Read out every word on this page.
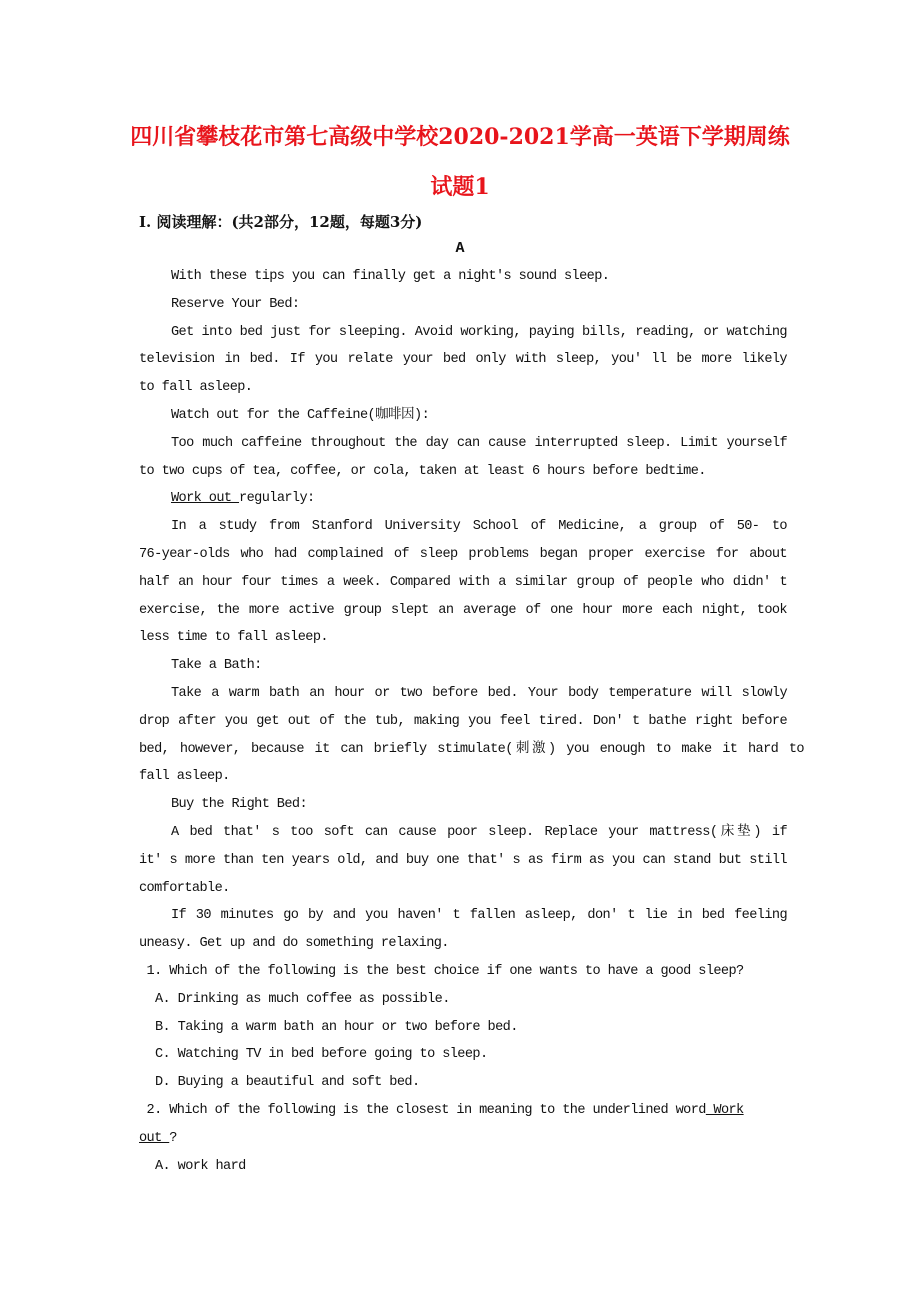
四川省攀枝花市第七高级中学校2020-2021学高一英语下学期周练
试题1
I. 阅读理解：(共2部分，12题，每题3分)
A
With these tips you can finally get a night's sound sleep.
Reserve Your Bed:
Get into bed just for sleeping. Avoid working, paying bills, reading, or watching
television in bed. If you relate your bed only with sleep, you' ll be more likely
to fall asleep.
Watch out for the Caffeine(咖啡因):
Too much caffeine throughout the day can cause interrupted sleep. Limit yourself
to two cups of tea, coffee, or cola, taken at least 6 hours before bedtime.
Work out regularly:
In a study from Stanford University School of Medicine, a group of 50- to
76-year-olds who had complained of sleep problems began proper exercise for about
half an hour four times a week. Compared with a similar group of people who didn' t
exercise, the more active group slept an average of one hour more each night, took
less time to fall asleep.
Take a Bath:
Take a warm bath an hour or two before bed. Your body temperature will slowly
drop after you get out of the tub, making you feel tired. Don' t bathe right before
bed, however, because it can briefly stimulate(刺激) you enough to make it hard to
fall asleep.
Buy the Right Bed:
A bed that' s too soft can cause poor sleep. Replace your mattress(床垫) if
it' s more than ten years old, and buy one that' s as firm as you can stand but still
comfortable.
If 30 minutes go by and you haven' t fallen asleep, don' t lie in bed feeling
uneasy. Get up and do something relaxing.
1. Which of the following is the best choice if one wants to have a good sleep?
A. Drinking as much coffee as possible.
B. Taking a warm bath an hour or two before bed.
C. Watching TV in bed before going to sleep.
D. Buying a beautiful and soft bed.
2. Which of the following is the closest in meaning to the underlined word Work
out ?
A. work hard
